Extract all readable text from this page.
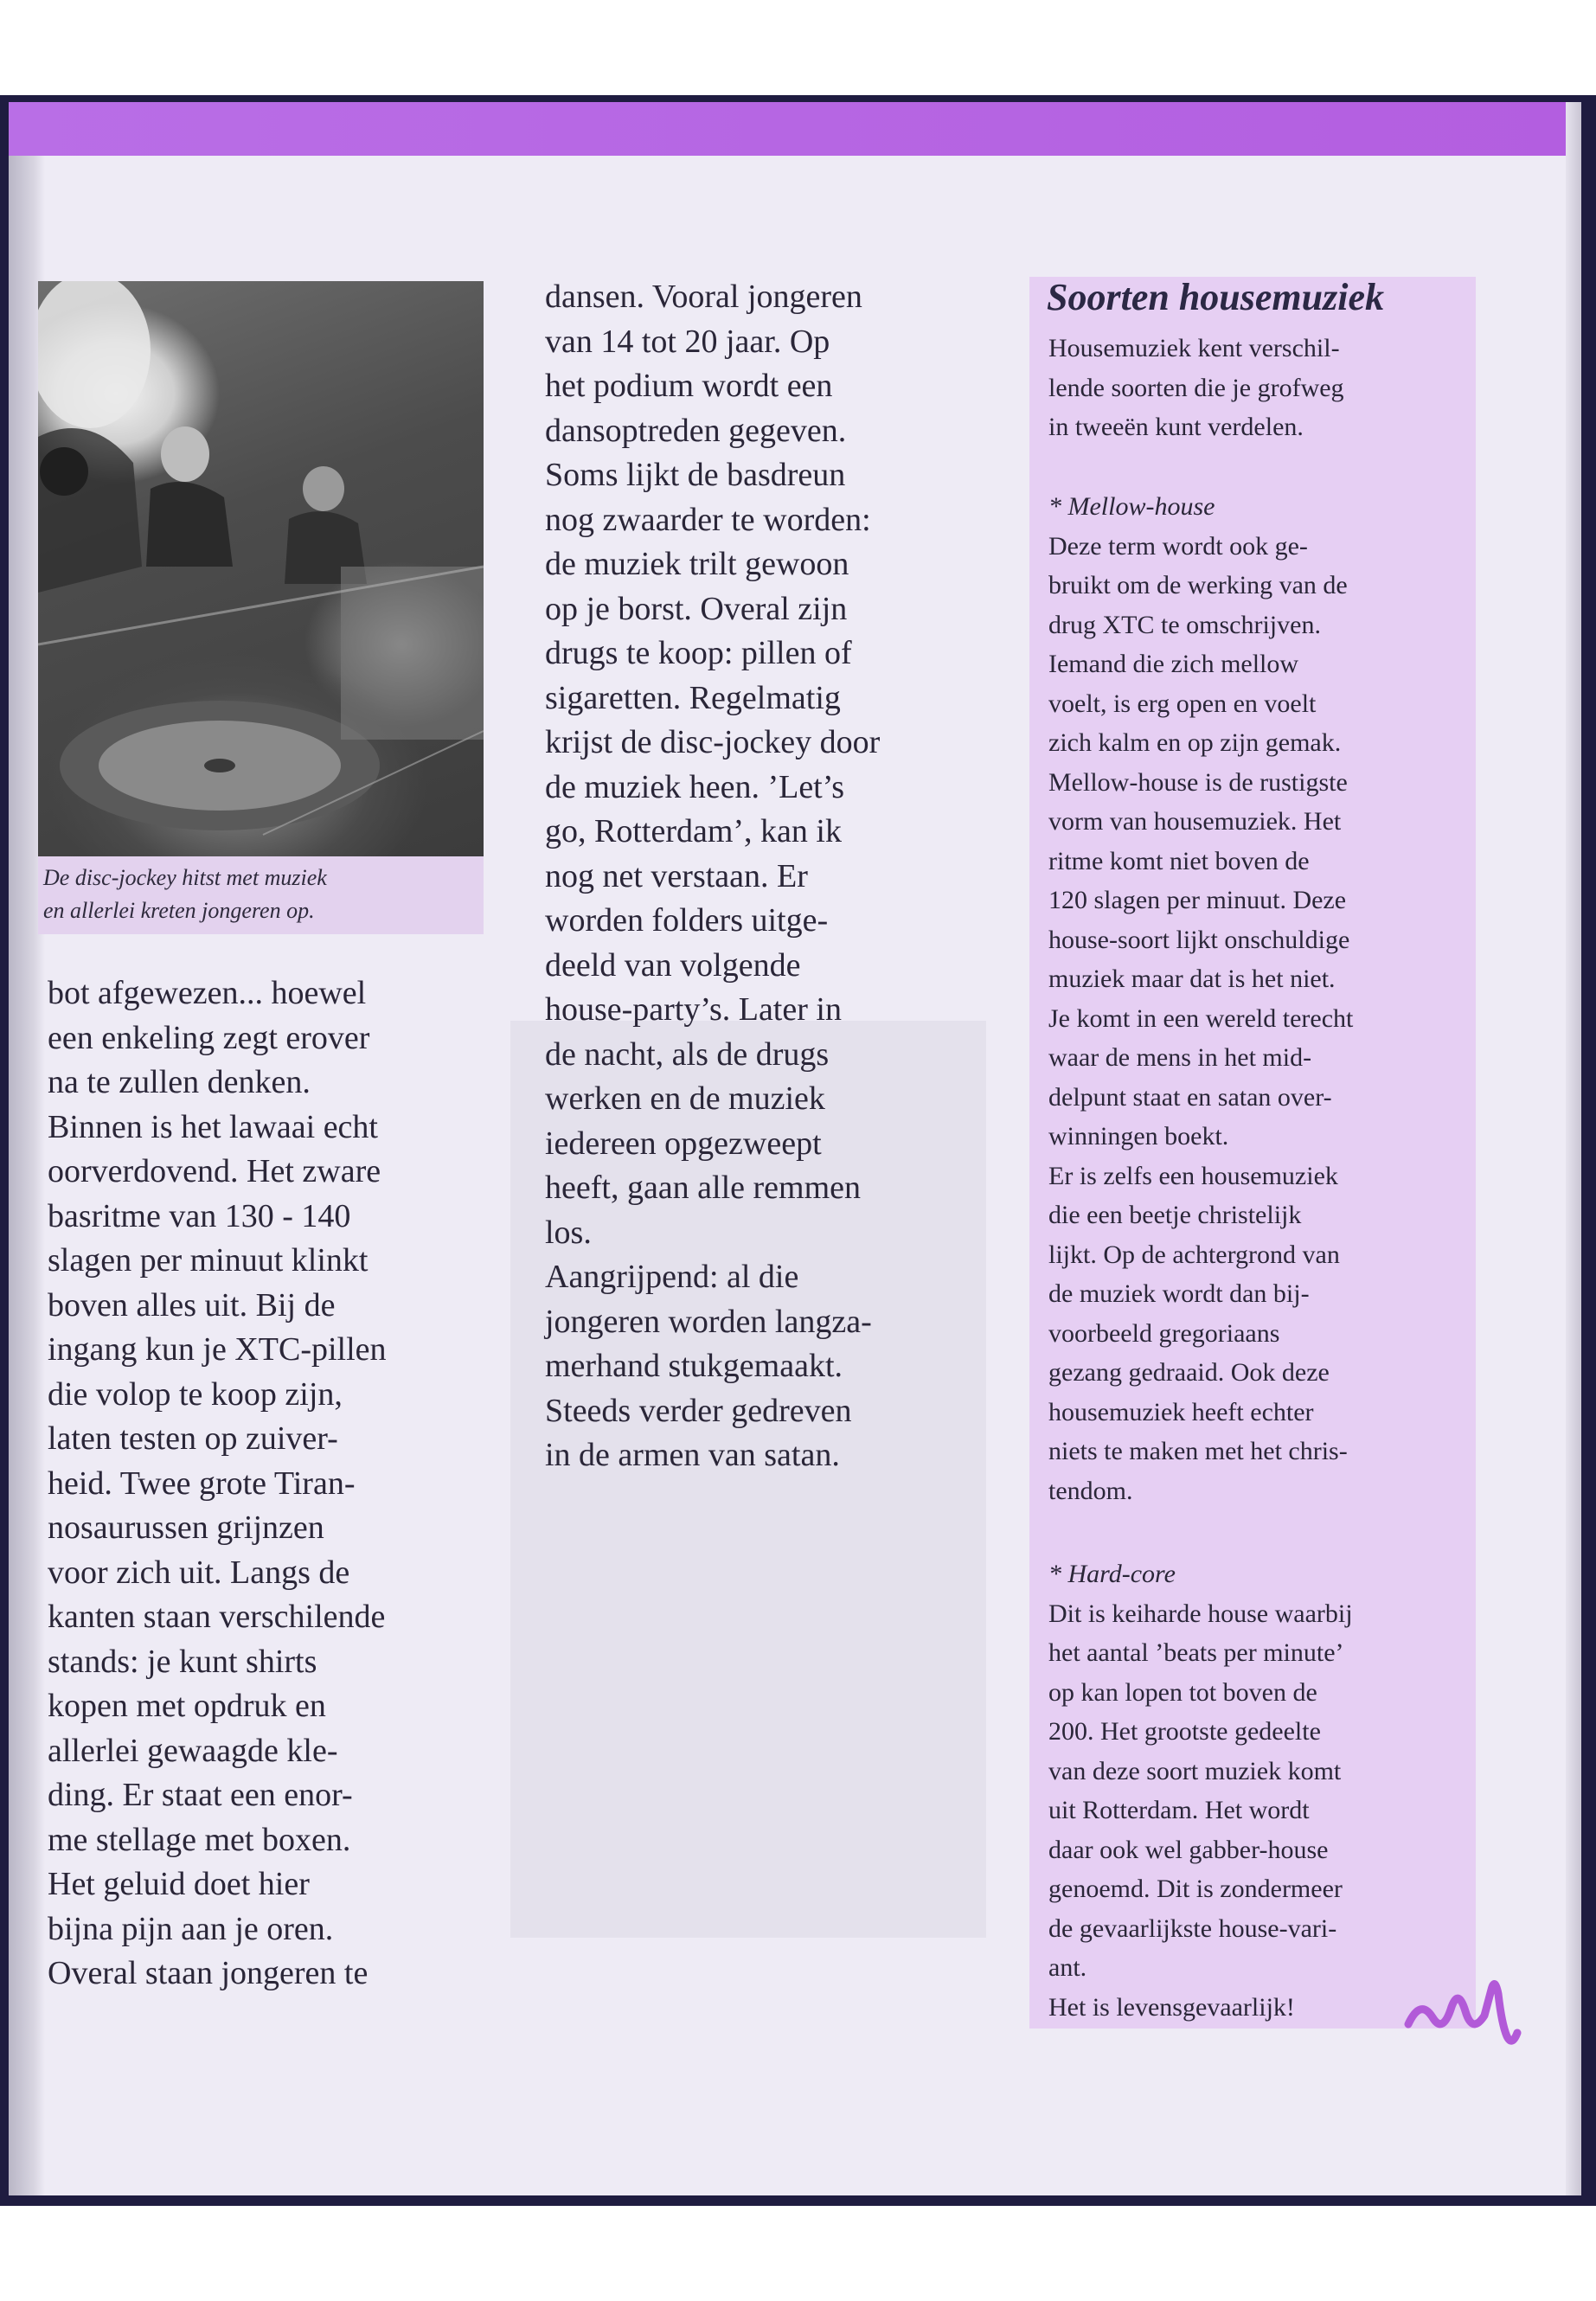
De disc-jockey hitst met muziek
en allerlei kreten jongeren op.

bot afgewezen... hoewel
een enkeling zegt erover
na te zullen denken.
Binnen is het lawaai echt
oorverdovend. Het zware
basritme van 130 - 140
slagen per minuut klinkt
boven alles uit. Bij de
ingang kun je XTC-pillen
die volop te koop zijn,
laten testen op zuiver-
heid. Twee grote Tiran-
nosaurussen grijnzen
voor zich uit. Langs de
kanten staan verschilende
stands: je kunt shirts
kopen met opdruk en
allerlei gewaagde kle-
ding. Er staat een enor-
me stellage met boxen.
Het geluid doet hier
bijna pijn aan je oren.
Overal staan jongeren te

dansen. Vooral jongeren
van 14 tot 20 jaar. Op
het podium wordt een
dansoptreden gegeven.
Soms lijkt de basdreun
nog zwaarder te worden:
de muziek trilt gewoon
op je borst. Overal zijn
drugs te koop: pillen of
sigaretten. Regelmatig
krijst de disc-jockey door
de muziek heen. ’Let’s
go, Rotterdam’, kan ik
nog net verstaan. Er
worden folders uitge-
deeld van volgende
house-party’s. Later in
de nacht, als de drugs
werken en de muziek
iedereen opgezweept
heeft, gaan alle remmen
los.
Aangrijpend: al die
jongeren worden langza-
merhand stukgemaakt.
Steeds verder gedreven
in de armen van satan.

Soorten housemuziek

Housemuziek kent verschil-
lende soorten die je grofweg
in tweeën kunt verdelen.

* Mellow-house
Deze term wordt ook ge-
bruikt om de werking van de
drug XTC te omschrijven.
Iemand die zich mellow
voelt, is erg open en voelt
zich kalm en op zijn gemak.
Mellow-house is de rustigste
vorm van housemuziek. Het
ritme komt niet boven de
120 slagen per minuut. Deze
house-soort lijkt onschuldige
muziek maar dat is het niet.
Je komt in een wereld terecht
waar de mens in het mid-
delpunt staat en satan over-
winningen boekt.
Er is zelfs een housemuziek
die een beetje christelijk
lijkt. Op de achtergrond van
de muziek wordt dan bij-
voorbeeld gregoriaans
gezang gedraaid. Ook deze
housemuziek heeft echter
niets te maken met het chris-
tendom.

* Hard-core
Dit is keiharde house waarbij
het aantal ’beats per minute’
op kan lopen tot boven de
200. Het grootste gedeelte
van deze soort muziek komt
uit Rotterdam. Het wordt
daar ook wel gabber-house
genoemd. Dit is zondermeer
de gevaarlijkste house-vari-
ant.
Het is levensgevaarlijk!
